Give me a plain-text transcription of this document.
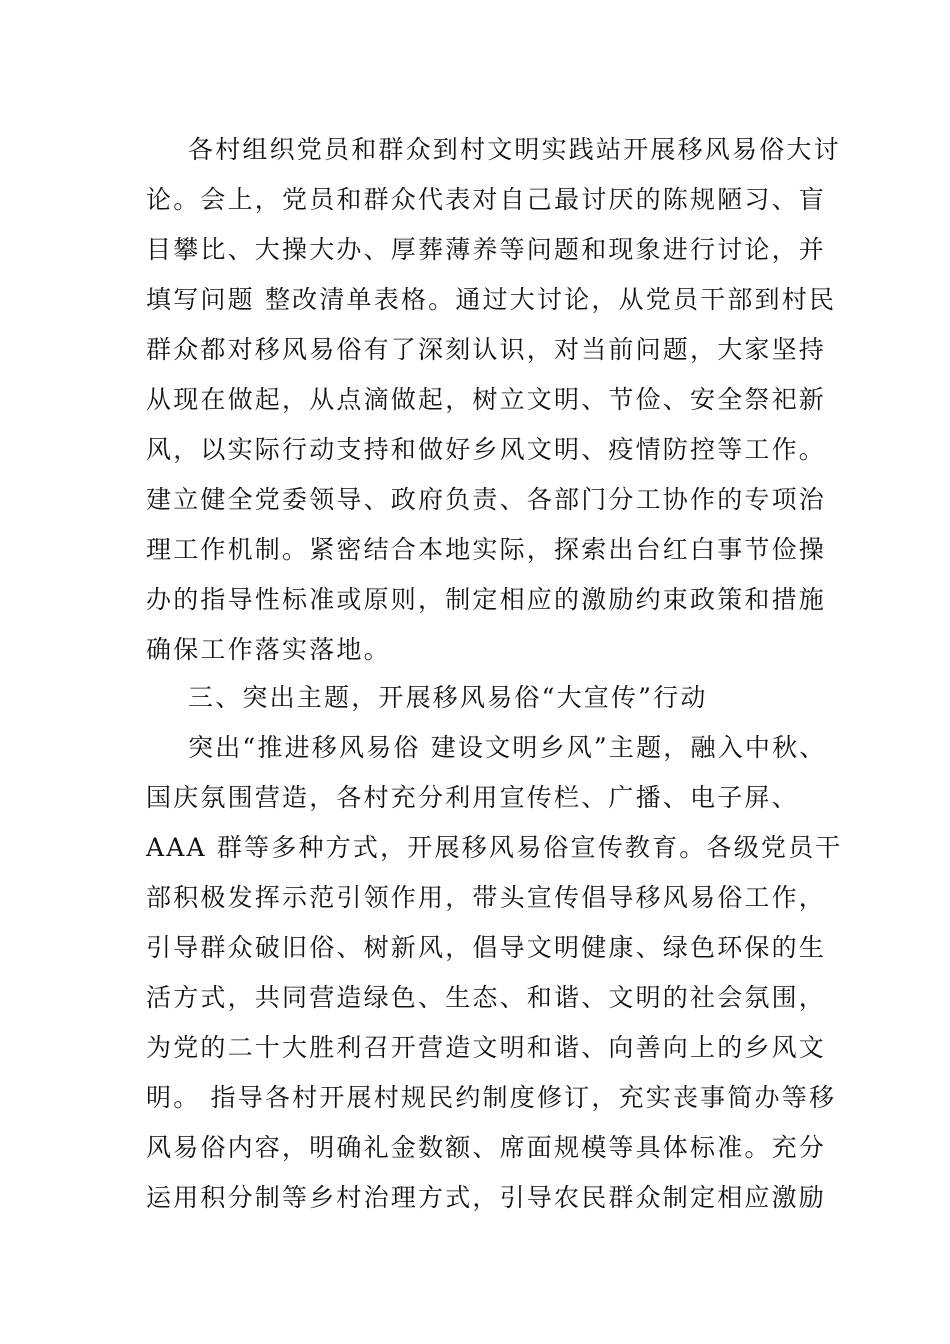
各村组织党员和群众到村文明实践站开展移风易俗大讨
论。会上，党员和群众代表对自己最讨厌的陈规陋习、盲
目攀比、大操大办、厚葬薄养等问题和现象进行讨论，并
填写问题 整改清单表格。通过大讨论，从党员干部到村民
群众都对移风易俗有了深刻认识，对当前问题，大家坚持
从现在做起，从点滴做起，树立文明、节俭、安全祭祀新
风，以实际行动支持和做好乡风文明、疫情防控等工作。
建立健全党委领导、政府负责、各部门分工协作的专项治
理工作机制。紧密结合本地实际，探索出台红白事节俭操
办的指导性标准或原则，制定相应的激励约束政策和措施
确保工作落实落地。
三、突出主题，开展移风易俗“大宣传”行动
突出“推进移风易俗 建设文明乡风”主题，融入中秋、
国庆氛围营造，各村充分利用宣传栏、广播、电子屏、
AAA 群等多种方式，开展移风易俗宣传教育。各级党员干
部积极发挥示范引领作用，带头宣传倡导移风易俗工作，
引导群众破旧俗、树新风，倡导文明健康、绿色环保的生
活方式，共同营造绿色、生态、和谐、文明的社会氛围，
为党的二十大胜利召开营造文明和谐、向善向上的乡风文
明。 指导各村开展村规民约制度修订，充实丧事简办等移
风易俗内容，明确礼金数额、席面规模等具体标准。充分
运用积分制等乡村治理方式，引导农民群众制定相应激励
